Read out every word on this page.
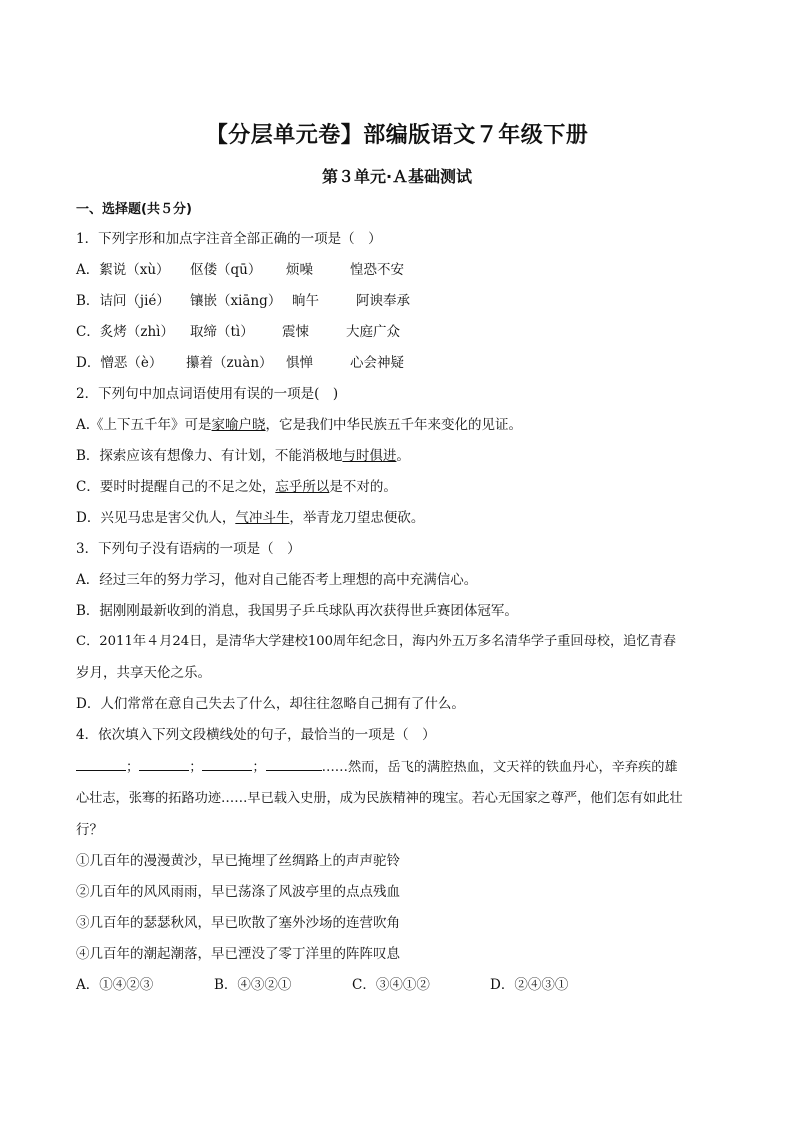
【分层单元卷】部编版语文７年级下册
第３单元·Ａ基础测试
一、选择题(共５分)
1．下列字形和加点字注音全部正确的一项是（　）
A．絮说（xù） 伛偻（qū） 烦噪	惶恐不安
B．诘问（jié） 镶嵌（xiāng） 晌午	阿谀奉承
C．炙烤（zhì） 取缔（tì） 震悚	大庭广众
D．憎恶（è） 攥着（zuàn） 惧惮	心会神疑
2．下列句中加点词语使用有误的一项是(　)
A.《上下五千年》可是家喻户晓，它是我们中华民族五千年来变化的见证。
B．探索应该有想像力、有计划，不能消极地与时俱进。
C．要时时提醒自己的不足之处，忘乎所以是不对的。
D．兴见马忠是害父仇人，气冲斗牛，举青龙刀望忠便砍。
3．下列句子没有语病的一项是（　）
A．经过三年的努力学习，他对自己能否考上理想的高中充满信心。
B．据刚刚最新收到的消息，我国男子乒乓球队再次获得世乒赛团体冠军。
C．2011年４月24日，是清华大学建校100周年纪念日，海内外五万多名清华学子重回母校，追忆青春
岁月，共享天伦之乐。
D．人们常常在意自己失去了什么，却往往忽略自己拥有了什么。
4．依次填入下列文段横线处的句子，最恰当的一项是（　）
；	；	；	……然而，岳飞的满腔热血，文天祥的铁血丹心，辛弃疾的雄
心壮志，张骞的拓路功迹……早已载入史册，成为民族精神的瑰宝。若心无国家之尊严，他们怎有如此壮
行？
①几百年的漫漫黄沙，早已掩埋了丝绸路上的声声驼铃
②几百年的风风雨雨，早已荡涤了风波亭里的点点残血
③几百年的瑟瑟秋风，早已吹散了塞外沙场的连营吹角
④几百年的潮起潮落，早已湮没了零丁洋里的阵阵叹息
A．①④②③	B．④③②①	C．③④①②	D．②④③①
